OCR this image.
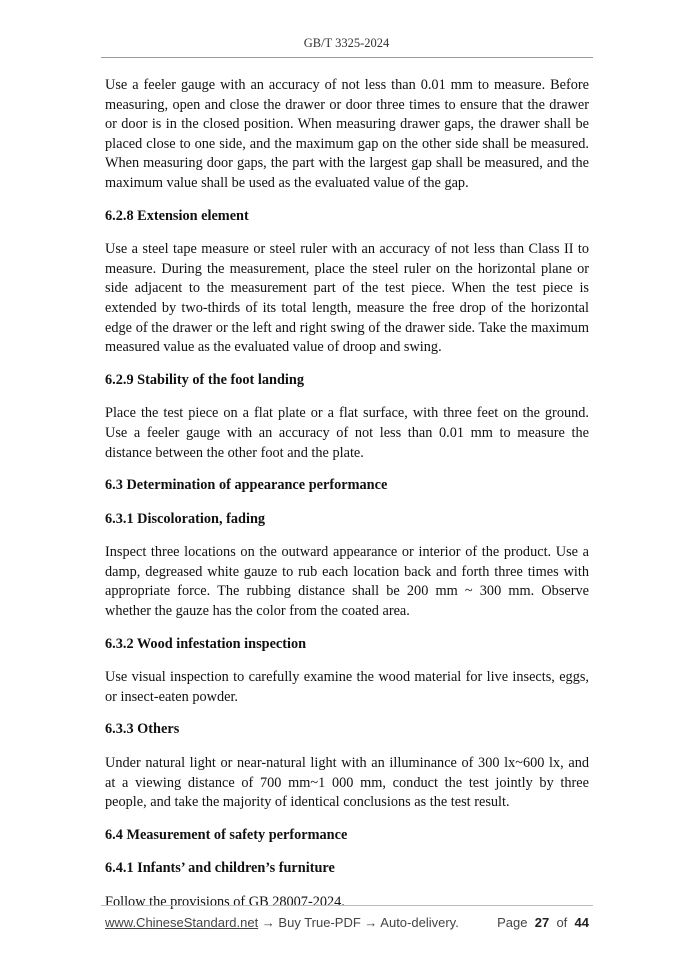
GB/T 3325-2024

Use a feeler gauge with an accuracy of not less than 0.01 mm to measure. Before measuring, open and close the drawer or door three times to ensure that the drawer or door is in the closed position. When measuring drawer gaps, the drawer shall be placed close to one side, and the maximum gap on the other side shall be measured. When measuring door gaps, the part with the largest gap shall be measured, and the maximum value shall be used as the evaluated value of the gap.

6.2.8 Extension element

Use a steel tape measure or steel ruler with an accuracy of not less than Class II to measure. During the measurement, place the steel ruler on the horizontal plane or side adjacent to the measurement part of the test piece. When the test piece is extended by two-thirds of its total length, measure the free drop of the horizontal edge of the drawer or the left and right swing of the drawer side. Take the maximum measured value as the evaluated value of droop and swing.

6.2.9 Stability of the foot landing

Place the test piece on a flat plate or a flat surface, with three feet on the ground. Use a feeler gauge with an accuracy of not less than 0.01 mm to measure the distance between the other foot and the plate.

6.3 Determination of appearance performance
6.3.1 Discoloration, fading

Inspect three locations on the outward appearance or interior of the product. Use a damp, degreased white gauze to rub each location back and forth three times with appropriate force. The rubbing distance shall be 200 mm ~ 300 mm. Observe whether the gauze has the color from the coated area.

6.3.2 Wood infestation inspection

Use visual inspection to carefully examine the wood material for live insects, eggs, or insect-eaten powder.

6.3.3 Others

Under natural light or near-natural light with an illuminance of 300 lx~600 lx, and at a viewing distance of 700 mm~1 000 mm, conduct the test jointly by three people, and take the majority of identical conclusions as the test result.

6.4 Measurement of safety performance
6.4.1 Infants’ and children’s furniture

Follow the provisions of GB 28007-2024.

www.ChineseStandard.net → Buy True-PDF → Auto-delivery.	Page 27 of 44
